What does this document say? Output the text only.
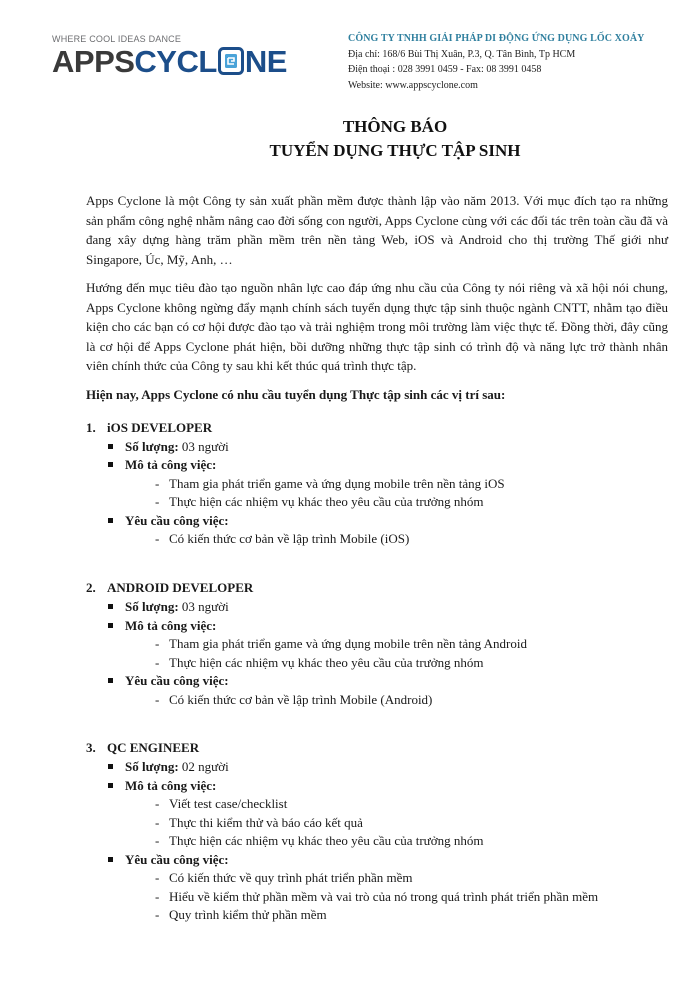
WHERE COOL IDEAS DANCE
APPSCYCL NE
CÔNG TY TNHH GIẢI PHÁP DI ĐỘNG ỨNG DỤNG LỐC XOÁY
Địa chỉ: 168/6 Bùi Thị Xuân, P.3, Q. Tân Bình, Tp HCM
Điện thoại : 028 3991 0459 - Fax: 08 3991 0458
Website: www.appscyclone.com
THÔNG BÁO
TUYỂN DỤNG THỰC TẬP SINH

Apps Cyclone là một Công ty sản xuất phần mềm được thành lập vào năm 2013. Với mục đích tạo ra những sản phẩm công nghệ nhằm nâng cao đời sống con người, Apps Cyclone cùng với các đối tác trên toàn cầu đã và đang xây dựng hàng trăm phần mềm trên nền tảng Web, iOS và Android cho thị trường Thế giới như Singapore, Úc, Mỹ, Anh, …

Hướng đến mục tiêu đào tạo nguồn nhân lực cao đáp ứng nhu cầu của Công ty nói riêng và xã hội nói chung, Apps Cyclone không ngừng đẩy mạnh chính sách tuyển dụng thực tập sinh thuộc ngành CNTT, nhằm tạo điều kiện cho các bạn có cơ hội được đào tạo và trải nghiệm trong môi trường làm việc thực tế. Đồng thời, đây cũng là cơ hội để Apps Cyclone phát hiện, bồi dưỡng những thực tập sinh có trình độ và năng lực trở thành nhân viên chính thức của Công ty sau khi kết thúc quá trình thực tập.

Hiện nay, Apps Cyclone có nhu cầu tuyển dụng Thực tập sinh các vị trí sau:
1. iOS DEVELOPER
Số lượng: 03 người
Mô tả công việc:
- Tham gia phát triển game và ứng dụng mobile trên nền tảng iOS
- Thực hiện các nhiệm vụ khác theo yêu cầu của trưởng nhóm
Yêu cầu công việc:
- Có kiến thức cơ bản về lập trình Mobile (iOS)
2. ANDROID DEVELOPER
Số lượng: 03 người
Mô tả công việc:
- Tham gia phát triển game và ứng dụng mobile trên nền tảng Android
- Thực hiện các nhiệm vụ khác theo yêu cầu của trưởng nhóm
Yêu cầu công việc:
- Có kiến thức cơ bản về lập trình Mobile (Android)
3. QC ENGINEER
Số lượng: 02 người
Mô tả công việc:
- Viết test case/checklist
- Thực thi kiểm thử và báo cáo kết quả
- Thực hiện các nhiệm vụ khác theo yêu cầu của trưởng nhóm
Yêu cầu công việc:
- Có kiến thức về quy trình phát triển phần mềm
- Hiểu về kiểm thử phần mềm và vai trò của nó trong quá trình phát triển phần mềm
- Quy trình kiểm thử phần mềm
